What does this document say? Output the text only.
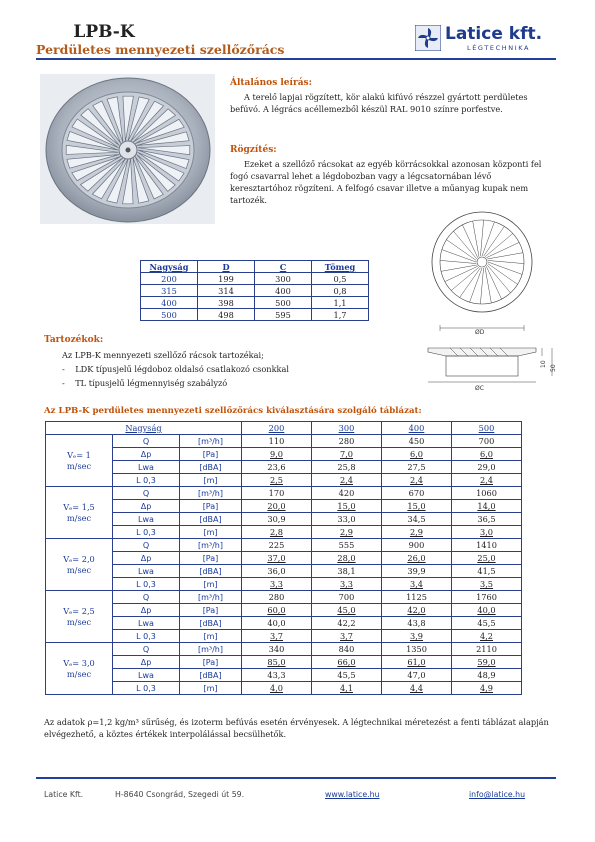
LPB-K
Perdületes mennyezeti szellőzőrács
Latice kft.
LÉGTECHNIKA
Általános leírás:
A terelő lapjai rögzített, kör alakú kifúvó részzel gyártott perdületes befúvó. A légrács acéllemezből készül RAL 9010 színre porfestve.
Rögzítés:
Ezeket a szellőző rácsokat az egyéb körrácsokkal azonosan központi fel fogó csavarral lehet a légdobozban vagy a légcsatornában lévő keresztartóhoz rögzíteni. A felfogó csavar illetve a műanyag kupak nem tartozék.
Nagyság	D	C	Tömeg
200	199	300	0,5
315	314	400	0,8
400	398	500	1,1
500	498	595	1,7
ØD
ØC
10
50
Tartozékok:
Az LPB-K mennyezeti szellőző rácsok tartozékai;
-    LDK típusjelű légdoboz oldalsó csatlakozó csonkkal
-    TL típusjelű légmennyiség szabályzó
Az LPB-K perdületes mennyezeti szellőzőrács kiválasztására szolgáló táblázat:
Nagyság			200	300	400	500

Vₑ= 1
m/sec	Q	[m³/h]	110	280	450	700
	Δp	[Pa]	9,0	7,0	6,0	6,0
	Lwa	[dBA]	23,6	25,8	27,5	29,0
	L 0,3	[m]	2,5	2,4	2,4	2,4

Vₑ= 1,5
m/sec	Q	[m³/h]	170	420	670	1060
	Δp	[Pa]	20,0	15,0	15,0	14,0
	Lwa	[dBA]	30,9	33,0	34,5	36,5
	L 0,3	[m]	2,8	2,9	2,9	3,0

Vₑ= 2,0
m/sec	Q	[m³/h]	225	555	900	1410
	Δp	[Pa]	37,0	28,0	26,0	25,0
	Lwa	[dBA]	36,0	38,1	39,9	41,5
	L 0,3	[m]	3,3	3,3	3,4	3,5

Vₑ= 2,5
m/sec	Q	[m³/h]	280	700	1125	1760
	Δp	[Pa]	60,0	45,0	42,0	40,0
	Lwa	[dBA]	40,0	42,2	43,8	45,5
	L 0,3	[m]	3,7	3,7	3,9	4,2

Vₑ= 3,0
m/sec	Q	[m³/h]	340	840	1350	2110
	Δp	[Pa]	85,0	66,0	61,0	59,0
	Lwa	[dBA]	43,3	45,5	47,0	48,9
	L 0,3	[m]	4,0	4,1	4,4	4,9
Az adatok ρ=1,2 kg/m³ sűrűség, és izoterm befúvás esetén érvényesek. A légtechnikai méretezést a fenti táblázat alapján elvégezhető, a köztes értékek interpolálással becsülhetők.
Latice Kft.	H-8640 Csongrád, Szegedi út 59.	www.latice.hu	info@latice.hu
